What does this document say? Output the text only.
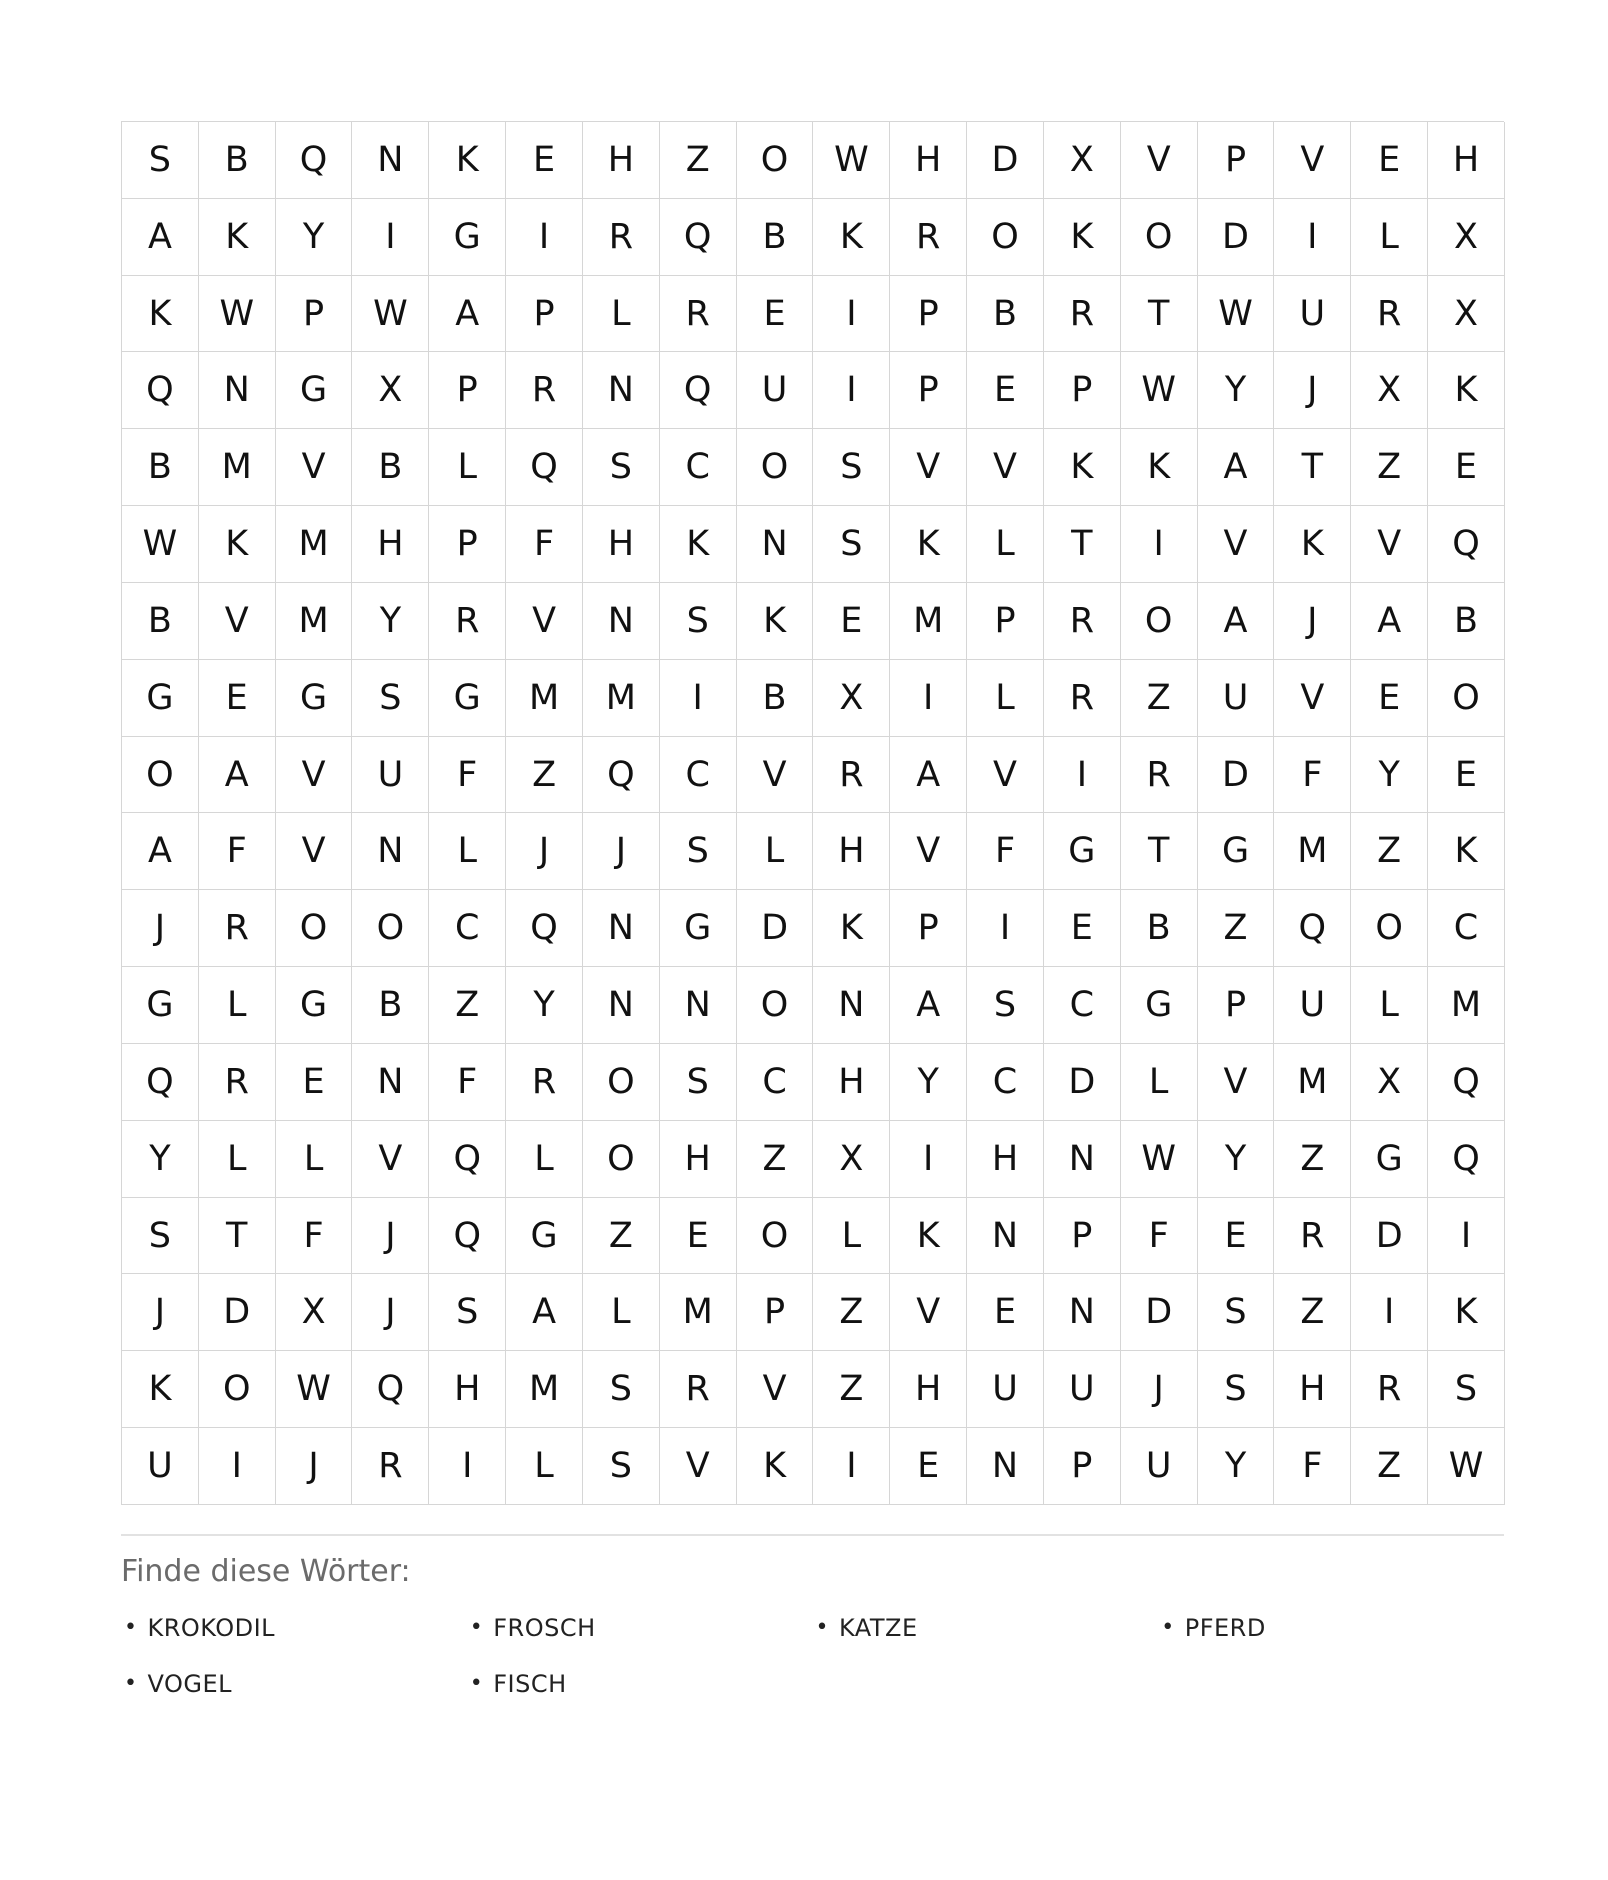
S	B	Q	N	K	E	H	Z	O	W	H	D	X	V	P	V	E	H
A	K	Y	I	G	I	R	Q	B	K	R	O	K	O	D	I	L	X
K	W	P	W	A	P	L	R	E	I	P	B	R	T	W	U	R	X
Q	N	G	X	P	R	N	Q	U	I	P	E	P	W	Y	J	X	K
B	M	V	B	L	Q	S	C	O	S	V	V	K	K	A	T	Z	E
W	K	M	H	P	F	H	K	N	S	K	L	T	I	V	K	V	Q
B	V	M	Y	R	V	N	S	K	E	M	P	R	O	A	J	A	B
G	E	G	S	G	M	M	I	B	X	I	L	R	Z	U	V	E	O
O	A	V	U	F	Z	Q	C	V	R	A	V	I	R	D	F	Y	E
A	F	V	N	L	J	J	S	L	H	V	F	G	T	G	M	Z	K
J	R	O	O	C	Q	N	G	D	K	P	I	E	B	Z	Q	O	C
G	L	G	B	Z	Y	N	N	O	N	A	S	C	G	P	U	L	M
Q	R	E	N	F	R	O	S	C	H	Y	C	D	L	V	M	X	Q
Y	L	L	V	Q	L	O	H	Z	X	I	H	N	W	Y	Z	G	Q
S	T	F	J	Q	G	Z	E	O	L	K	N	P	F	E	R	D	I
J	D	X	J	S	A	L	M	P	Z	V	E	N	D	S	Z	I	K
K	O	W	Q	H	M	S	R	V	Z	H	U	U	J	S	H	R	S
U	I	J	R	I	L	S	V	K	I	E	N	P	U	Y	F	Z	W
Finde diese Wörter:
• KROKODIL	• FROSCH	• KATZE	• PFERD
• VOGEL	• FISCH
